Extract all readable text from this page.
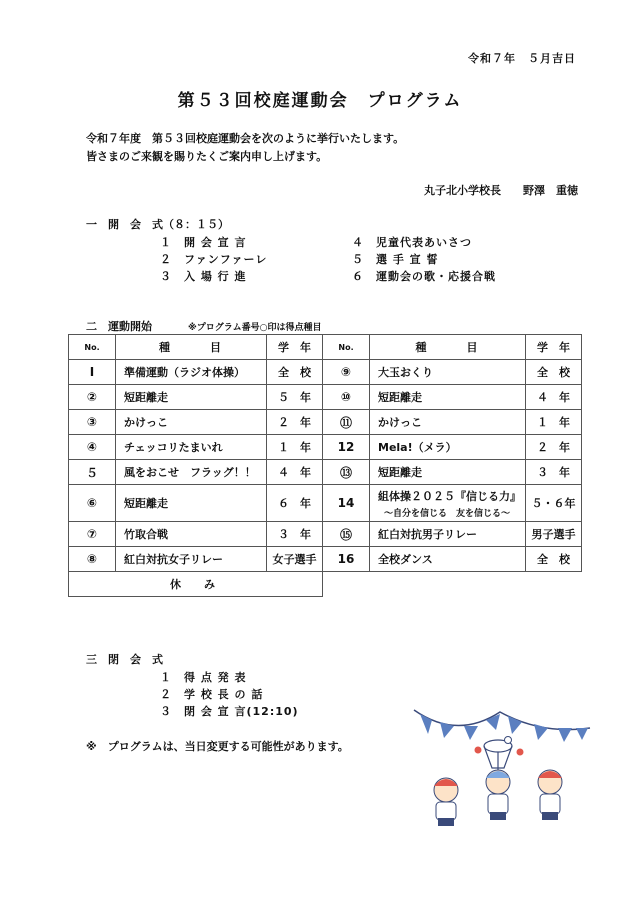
令和７年　５月吉日
第５３回校庭運動会　プログラム
令和７年度　第５３回校庭運動会を次のように挙行いたします。
皆さまのご来観を賜りたくご案内申し上げます。
丸子北小学校長　　野澤　重徳
一　開　会　式（８：１５）
１　開 会 宣 言
２　ファンファーレ
３　入 場 行 進
４　児童代表あいさつ
５　選 手 宣 誓
６　運動会の歌・応援合戦
二　運動開始	※プログラム番号○印は得点種目
No.	種　　目	学　年	No.	種　　目	学　年
Ⅰ	準備運動（ラジオ体操）	全　校	⑨	大玉おくり	全　校
②	短距離走	５　年	⑩	短距離走	４　年
③	かけっこ	２　年	⑪	かけっこ	１　年
④	チェッコリたまいれ	１　年	12	Mela!（メラ）	２　年
５	風をおこせ　フラッグ！！	４　年	⑬	短距離走	３　年
⑥	短距離走	６　年	14	組体操２０２５『信じる力』
～自分を信じる　友を信じる～	５・６年
⑦	竹取合戦	３　年	⑮	紅白対抗男子リレー	男子選手
⑧	紅白対抗女子リレー	女子選手	16	全校ダンス	全　校
休　み					
三　閉　会　式
１　得 点 発 表
２　学 校 長 の 話
３　閉 会 宣 言(12:10)
※　プログラムは、当日変更する可能性があります。
